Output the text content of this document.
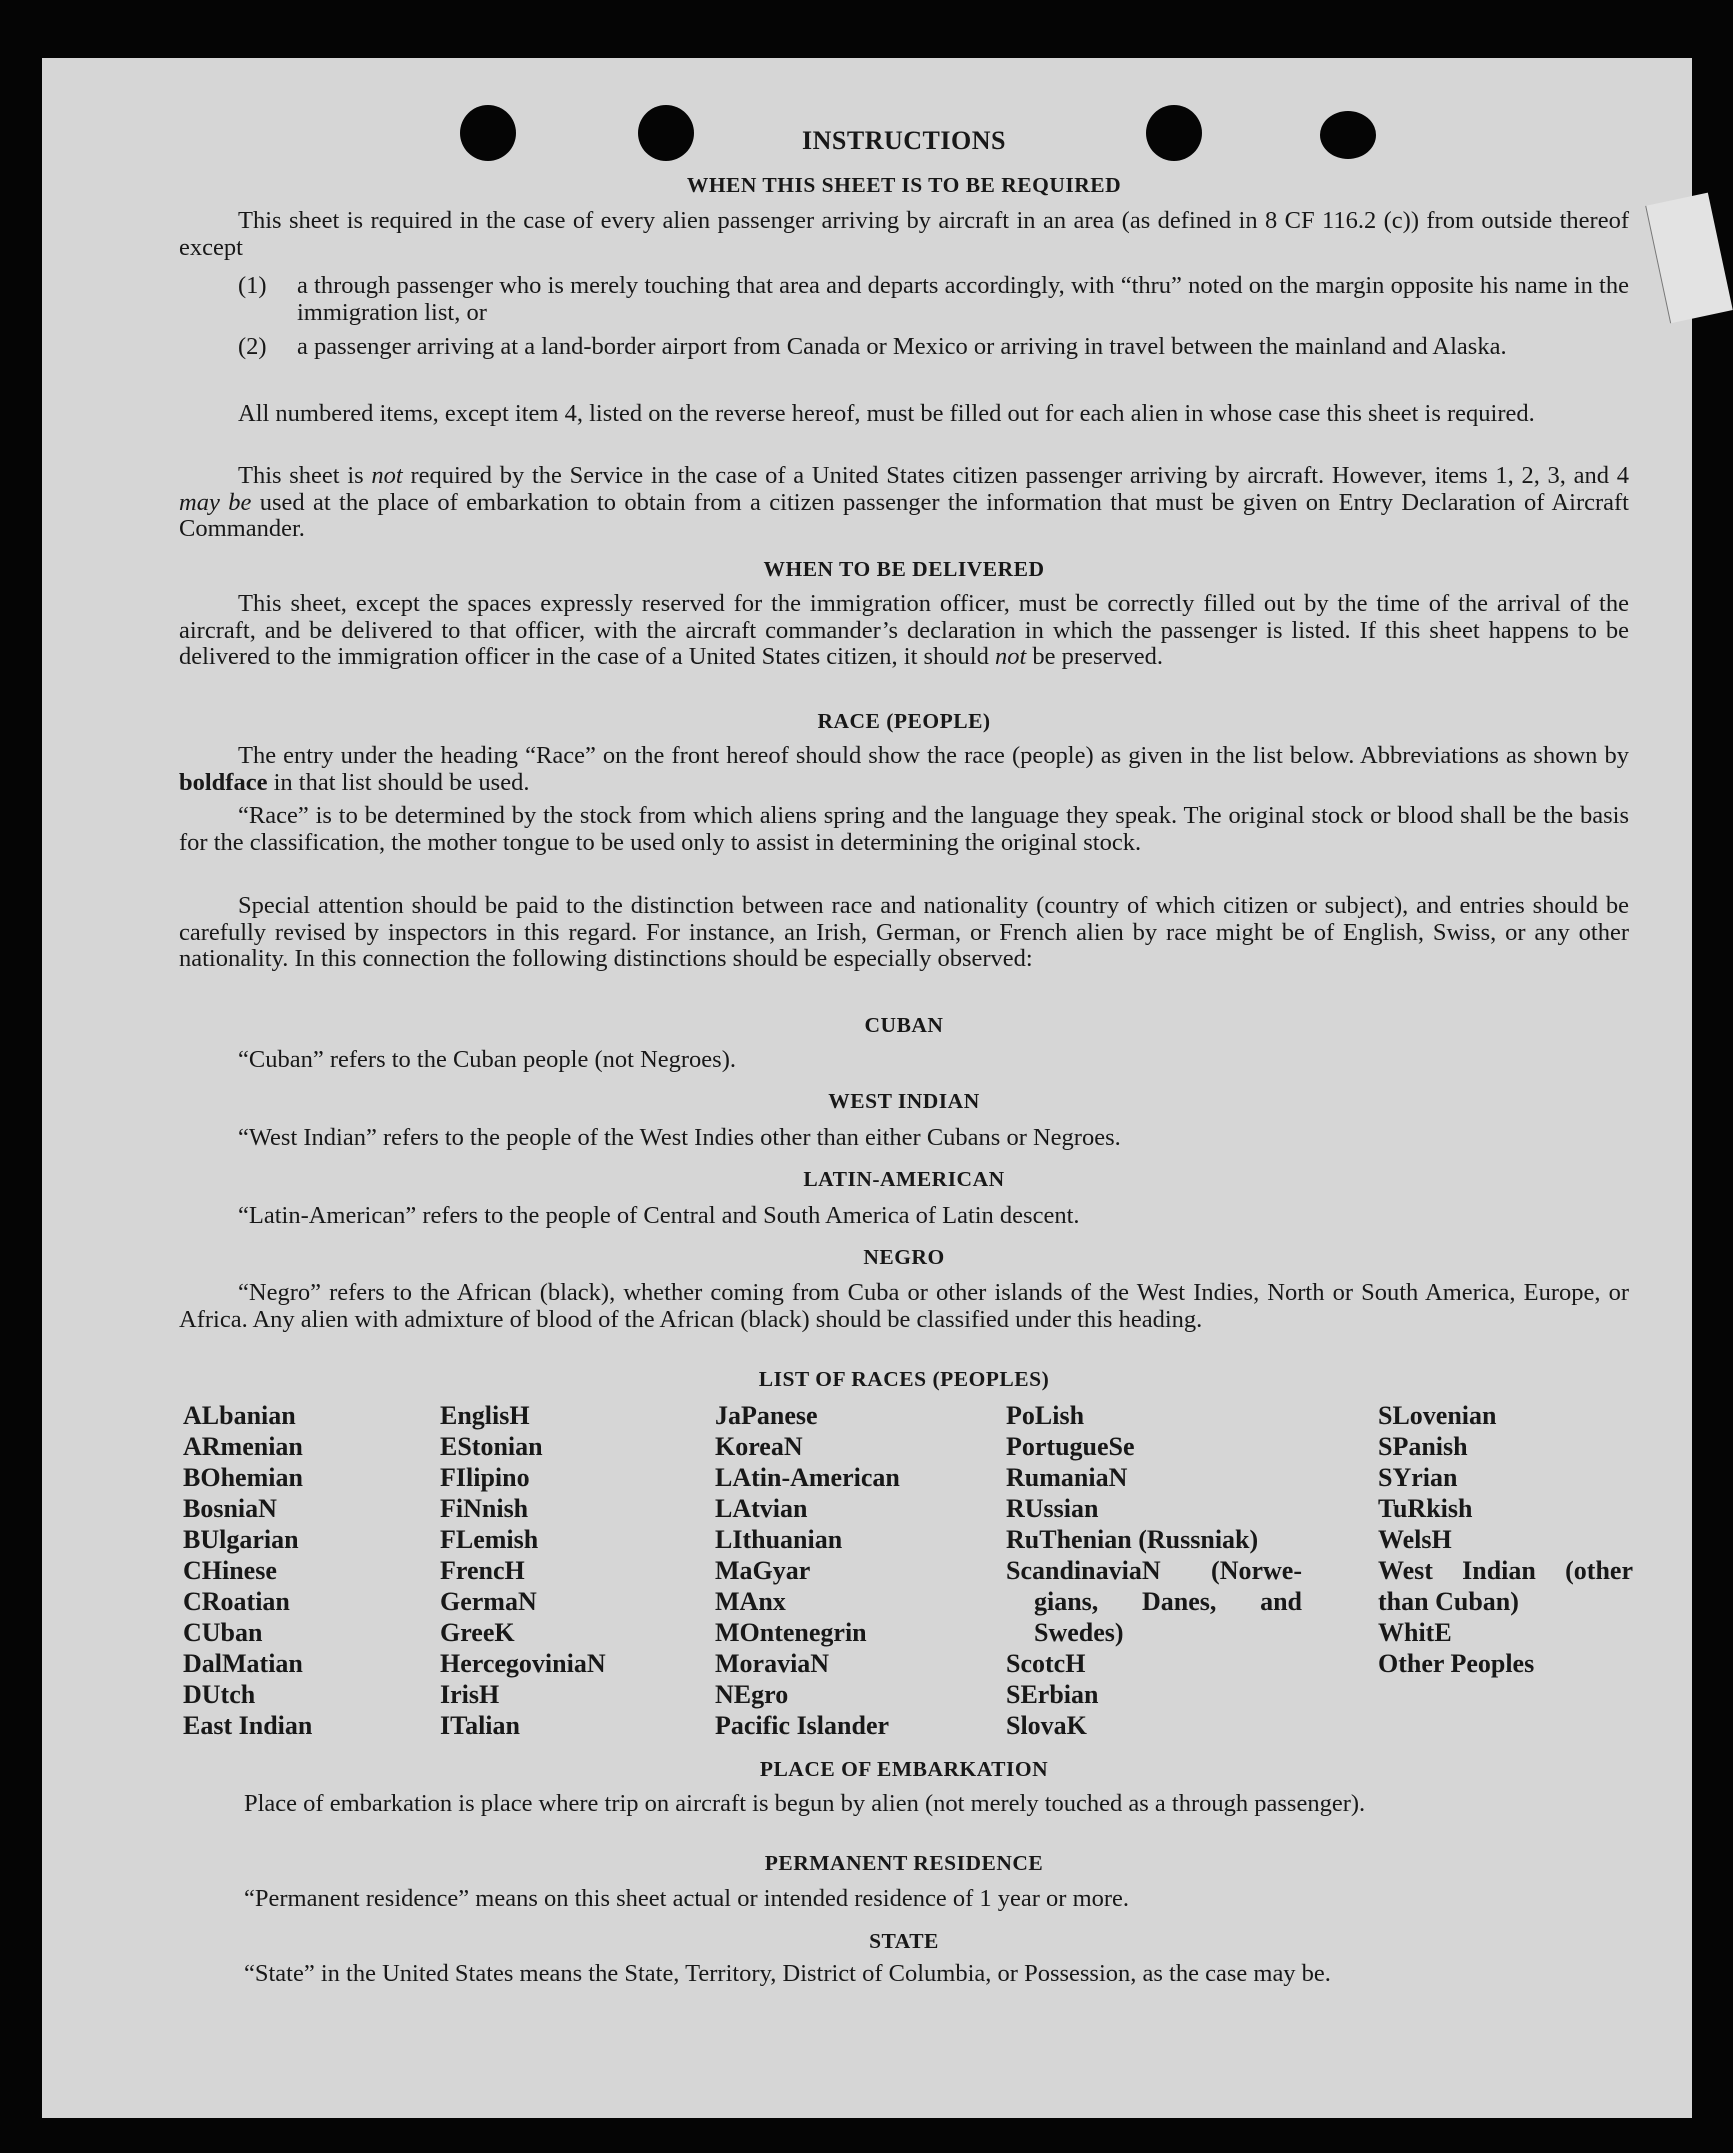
INSTRUCTIONS
WHEN THIS SHEET IS TO BE REQUIRED
This sheet is required in the case of every alien passenger arriving by aircraft in an area (as defined in 8 CF 116.2 (c)) from outside thereof except
(1) a through passenger who is merely touching that area and departs accordingly, with “thru” noted on the margin opposite his name in the immigration list, or
(2) a passenger arriving at a land-border airport from Canada or Mexico or arriving in travel between the mainland and Alaska.
All numbered items, except item 4, listed on the reverse hereof, must be filled out for each alien in whose case this sheet is required.
This sheet is not required by the Service in the case of a United States citizen passenger arriving by aircraft. However, items 1, 2, 3, and 4 may be used at the place of embarkation to obtain from a citizen passenger the information that must be given on Entry Declaration of Aircraft Commander.
WHEN TO BE DELIVERED
This sheet, except the spaces expressly reserved for the immigration officer, must be correctly filled out by the time of the arrival of the aircraft, and be delivered to that officer, with the aircraft commander’s declaration in which the passenger is listed. If this sheet happens to be delivered to the immigration officer in the case of a United States citizen, it should not be preserved.
RACE (PEOPLE)
The entry under the heading “Race” on the front hereof should show the race (people) as given in the list below. Abbreviations as shown by boldface in that list should be used.
“Race” is to be determined by the stock from which aliens spring and the language they speak. The original stock or blood shall be the basis for the classification, the mother tongue to be used only to assist in determining the original stock.
Special attention should be paid to the distinction between race and nationality (country of which citizen or subject), and entries should be carefully revised by inspectors in this regard. For instance, an Irish, German, or French alien by race might be of English, Swiss, or any other nationality. In this connection the following distinctions should be especially observed:
CUBAN
“Cuban” refers to the Cuban people (not Negroes).
WEST INDIAN
“West Indian” refers to the people of the West Indies other than either Cubans or Negroes.
LATIN-AMERICAN
“Latin-American” refers to the people of Central and South America of Latin descent.
NEGRO
“Negro” refers to the African (black), whether coming from Cuba or other islands of the West Indies, North or South America, Europe, or Africa. Any alien with admixture of blood of the African (black) should be classified under this heading.
LIST OF RACES (PEOPLES)
ALbanian
ARmenian
BOhemian
BosniaN
BUlgarian
CHinese
CRoatian
CUban
DalMatian
DUtch
East Indian
EnglisH
EStonian
FIlipino
FiNnish
FLemish
FrencH
GermaN
GreeK
HercegoviniaN
IrisH
ITalian
JaPanese
KoreaN
LAtin-American
LAtvian
LIthuanian
MaGyar
MAnx
MOntenegrin
MoraviaN
NEgro
Pacific Islander
PoLish
PortugueSe
RumaniaN
RUssian
RuThenian (Russniak)
ScandinaviaN (Norwe-
gians, Danes, and
Swedes)
ScotcH
SErbian
SlovaK
SLovenian
SPanish
SYrian
TuRkish
WelsH
West Indian (other
than Cuban)
WhitE
Other Peoples
PLACE OF EMBARKATION
Place of embarkation is place where trip on aircraft is begun by alien (not merely touched as a through passenger).
PERMANENT RESIDENCE
“Permanent residence” means on this sheet actual or intended residence of 1 year or more.
STATE
“State” in the United States means the State, Territory, District of Columbia, or Possession, as the case may be.
